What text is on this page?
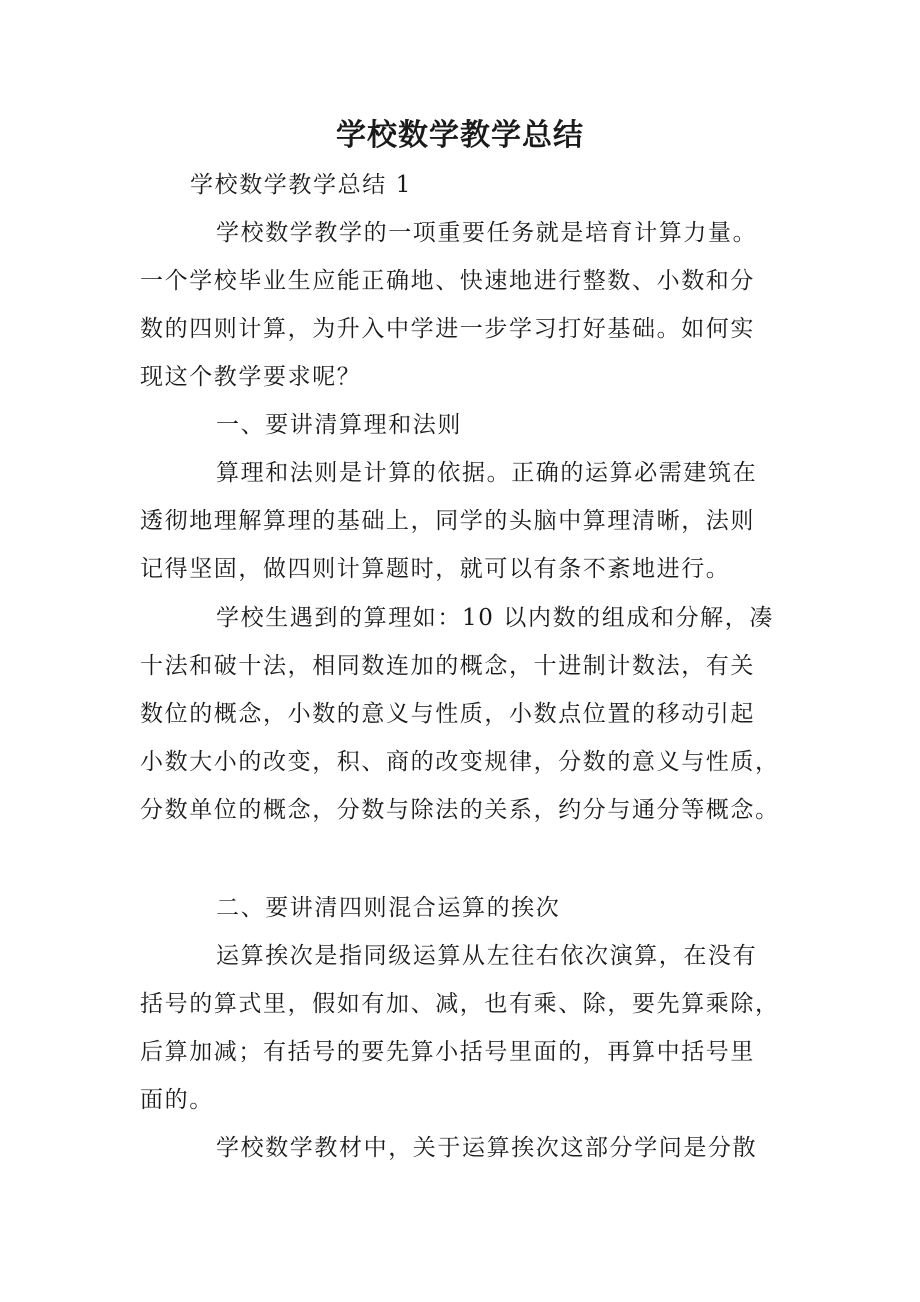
学校数学教学总结
学校数学教学总结 1
学校数学教学的一项重要任务就是培育计算力量。
一个学校毕业生应能正确地、快速地进行整数、小数和分
数的四则计算，为升入中学进一步学习打好基础。如何实
现这个教学要求呢？
一、要讲清算理和法则
算理和法则是计算的依据。正确的运算必需建筑在
透彻地理解算理的基础上，同学的头脑中算理清晰，法则
记得坚固，做四则计算题时，就可以有条不紊地进行。
学校生遇到的算理如：10 以内数的组成和分解，凑
十法和破十法，相同数连加的概念，十进制计数法，有关
数位的概念，小数的意义与性质，小数点位置的移动引起
小数大小的改变，积、商的改变规律，分数的意义与性质，
分数单位的概念，分数与除法的关系，约分与通分等概念。
二、要讲清四则混合运算的挨次
运算挨次是指同级运算从左往右依次演算，在没有
括号的算式里，假如有加、减，也有乘、除，要先算乘除，
后算加减；有括号的要先算小括号里面的，再算中括号里
面的。
学校数学教材中，关于运算挨次这部分学问是分散
